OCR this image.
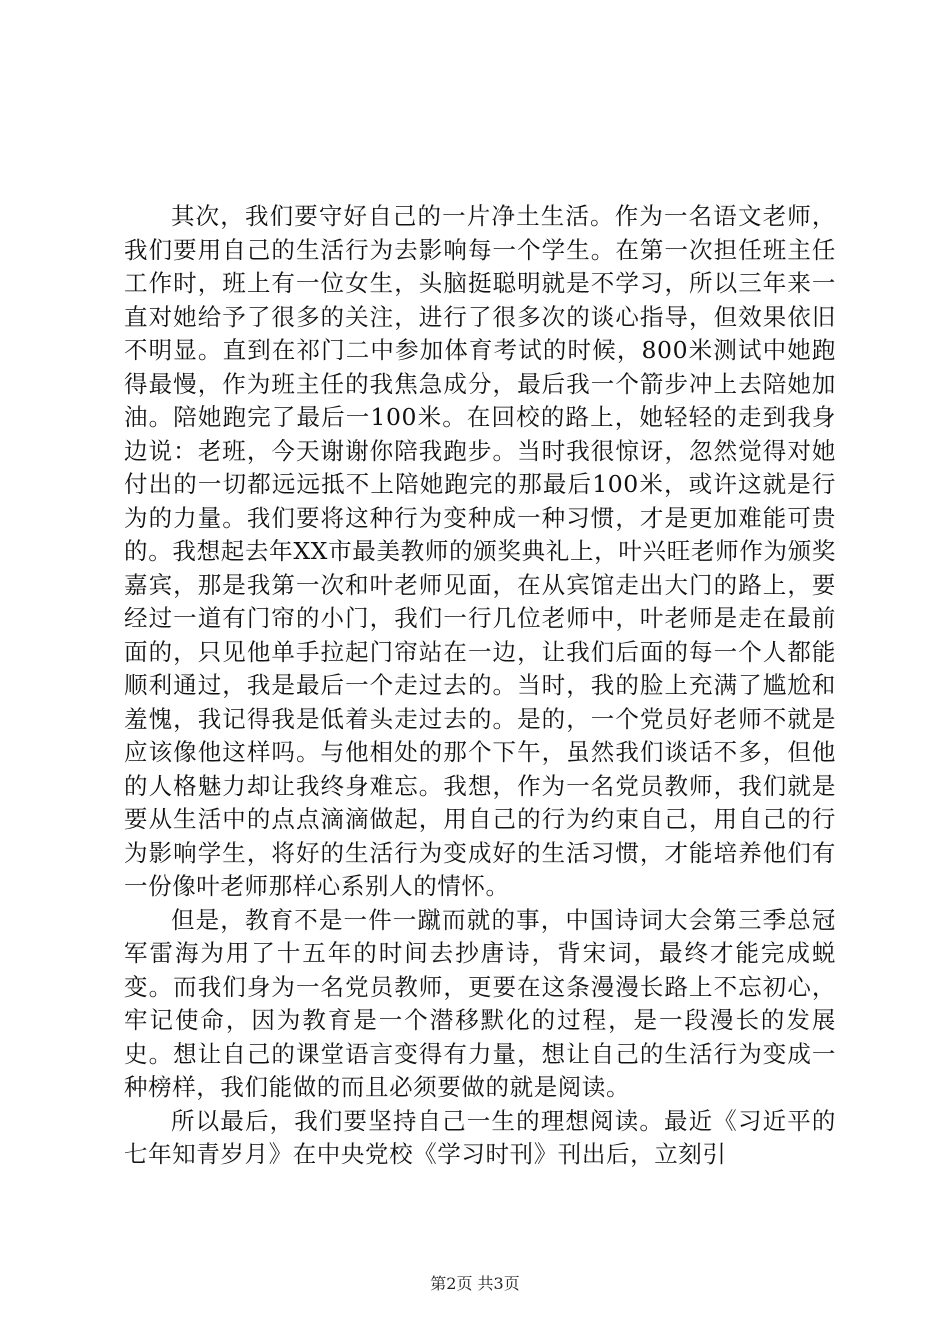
其次，我们要守好自己的一片净土生活。作为一名语文老师，我们要用自己的生活行为去影响每一个学生。在第一次担任班主任工作时，班上有一位女生，头脑挺聪明就是不学习，所以三年来一直对她给予了很多的关注，进行了很多次的谈心指导，但效果依旧不明显。直到在祁门二中参加体育考试的时候，800米测试中她跑得最慢，作为班主任的我焦急成分，最后我一个箭步冲上去陪她加油。陪她跑完了最后一100米。在回校的路上，她轻轻的走到我身边说：老班，今天谢谢你陪我跑步。当时我很惊讶，忽然觉得对她付出的一切都远远抵不上陪她跑完的那最后100米，或许这就是行为的力量。我们要将这种行为变种成一种习惯，才是更加难能可贵的。我想起去年XX市最美教师的颁奖典礼上，叶兴旺老师作为颁奖嘉宾，那是我第一次和叶老师见面，在从宾馆走出大门的路上，要经过一道有门帘的小门，我们一行几位老师中，叶老师是走在最前面的，只见他单手拉起门帘站在一边，让我们后面的每一个人都能顺利通过，我是最后一个走过去的。当时，我的脸上充满了尴尬和羞愧，我记得我是低着头走过去的。是的，一个党员好老师不就是应该像他这样吗。与他相处的那个下午，虽然我们谈话不多，但他的人格魅力却让我终身难忘。我想，作为一名党员教师，我们就是要从生活中的点点滴滴做起，用自己的行为约束自己，用自己的行为影响学生，将好的生活行为变成好的生活习惯，才能培养他们有一份像叶老师那样心系别人的情怀。

但是，教育不是一件一蹴而就的事，中国诗词大会第三季总冠军雷海为用了十五年的时间去抄唐诗，背宋词，最终才能完成蜕变。而我们身为一名党员教师，更要在这条漫漫长路上不忘初心，牢记使命，因为教育是一个潜移默化的过程，是一段漫长的发展史。想让自己的课堂语言变得有力量，想让自己的生活行为变成一种榜样，我们能做的而且必须要做的就是阅读。

所以最后，我们要坚持自己一生的理想阅读。最近《习近平的七年知青岁月》在中央党校《学习时刊》刊出后，立刻引

第2页 共3页
